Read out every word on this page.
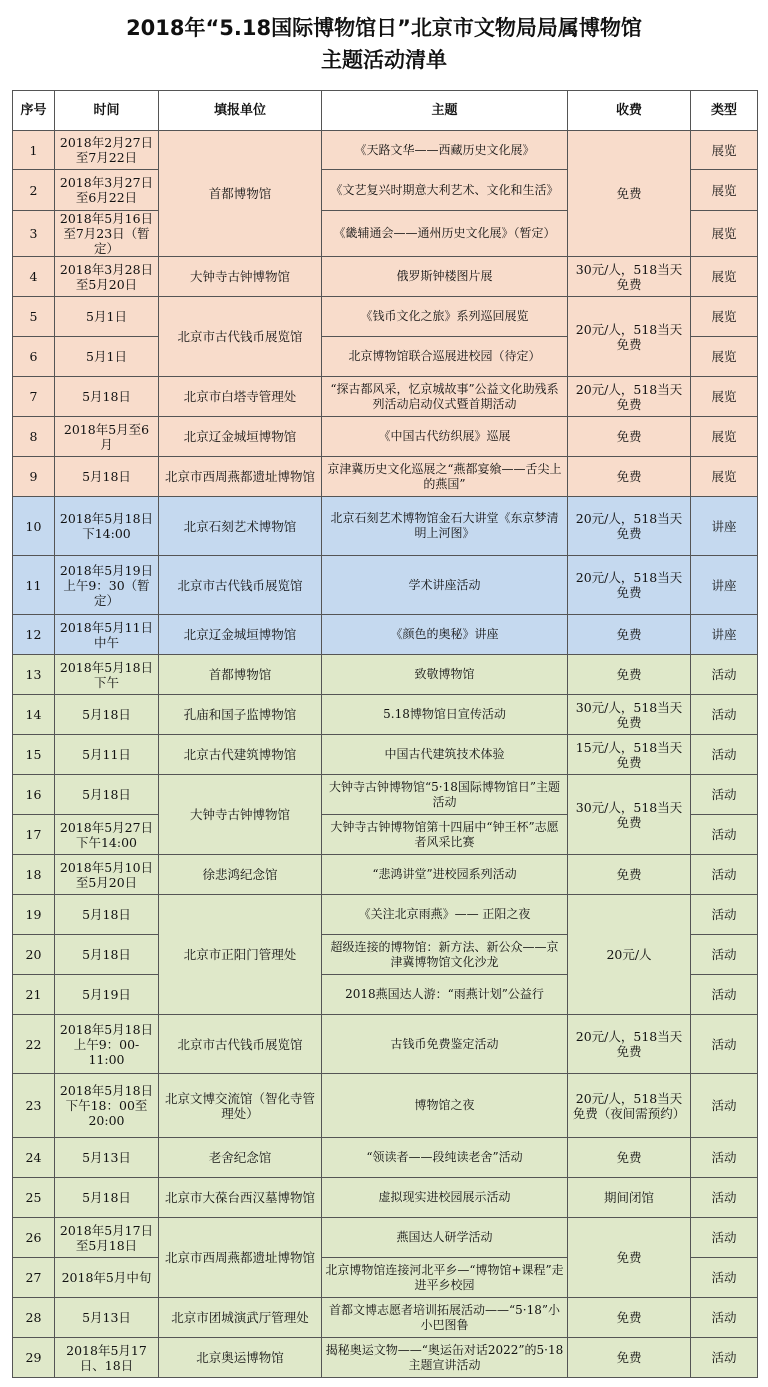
2018年“5.18国际博物馆日”北京市文物局局属博物馆
主题活动清单
序号	时间	填报单位	主题	收费	类型
1	2018年2月27日至7月22日	首都博物馆	《天路文华——西藏历史文化展》	免费	展览
2	2018年3月27日至6月22日		《文艺复兴时期意大利艺术、文化和生活》		展览
3	2018年5月16日至7月23日（暂定）		《畿辅通会——通州历史文化展》（暂定）		展览
4	2018年3月28日至5月20日	大钟寺古钟博物馆	俄罗斯钟楼图片展	30元/人，518当天免费	展览
5	5月1日	北京市古代钱币展览馆	《钱币文化之旅》系列巡回展览	20元/人，518当天免费	展览
6	5月1日		北京博物馆联合巡展进校园（待定）		展览
7	5月18日	北京市白塔寺管理处	“探古都风采，忆京城故事”公益文化助残系列活动启动仪式暨首期活动	20元/人，518当天免费	展览
8	2018年5月至6月	北京辽金城垣博物馆	《中国古代纺织展》巡展	免费	展览
9	5月18日	北京市西周燕都遗址博物馆	京津冀历史文化巡展之“燕都宴飨——舌尖上的燕国”	免费	展览
10	2018年5月18日下14:00	北京石刻艺术博物馆	北京石刻艺术博物馆金石大讲堂《东京梦清明上河图》	20元/人，518当天免费	讲座
11	2018年5月19日上午9：30（暂定）	北京市古代钱币展览馆	学术讲座活动	20元/人，518当天免费	讲座
12	2018年5月11日中午	北京辽金城垣博物馆	《颜色的奥秘》讲座	免费	讲座
13	2018年5月18日下午	首都博物馆	致敬博物馆	免费	活动
14	5月18日	孔庙和国子监博物馆	5.18博物馆日宣传活动	30元/人，518当天免费	活动
15	5月11日	北京古代建筑博物馆	中国古代建筑技术体验	15元/人，518当天免费	活动
16	5月18日	大钟寺古钟博物馆	大钟寺古钟博物馆“5·18国际博物馆日”主题活动	30元/人，518当天免费	活动
17	2018年5月27日下午14:00		大钟寺古钟博物馆第十四届中“钟王杯”志愿者风采比赛		活动
18	2018年5月10日至5月20日	徐悲鸿纪念馆	“悲鸿讲堂”进校园系列活动	免费	活动
19	5月18日	北京市正阳门管理处	《关注北京雨燕》—— 正阳之夜	20元/人	活动
20	5月18日		超级连接的博物馆：新方法、新公众——京津冀博物馆文化沙龙		活动
21	5月19日		2018燕国达人游：“雨燕计划”公益行		活动
22	2018年5月18日上午9：00-11:00	北京市古代钱币展览馆	古钱币免费鉴定活动	20元/人，518当天免费	活动
23	2018年5月18日下午18：00至20:00	北京文博交流馆（智化寺管理处）	博物馆之夜	20元/人，518当天免费（夜间需预约）	活动
24	5月13日	老舍纪念馆	“领读者——段纯读老舍”活动	免费	活动
25	5月18日	北京市大葆台西汉墓博物馆	虚拟现实进校园展示活动	期间闭馆	活动
26	2018年5月17日至5月18日	北京市西周燕都遗址博物馆	燕国达人研学活动	免费	活动
27	2018年5月中旬		北京博物馆连接河北平乡—“博物馆+课程”走进平乡校园		活动
28	5月13日	北京市团城演武厅管理处	首都文博志愿者培训拓展活动——“5·18”小小巴图鲁	免费	活动
29	2018年5月17日、18日	北京奥运博物馆	揭秘奥运文物——“奥运缶对话2022”的5·18主题宣讲活动	免费	活动
